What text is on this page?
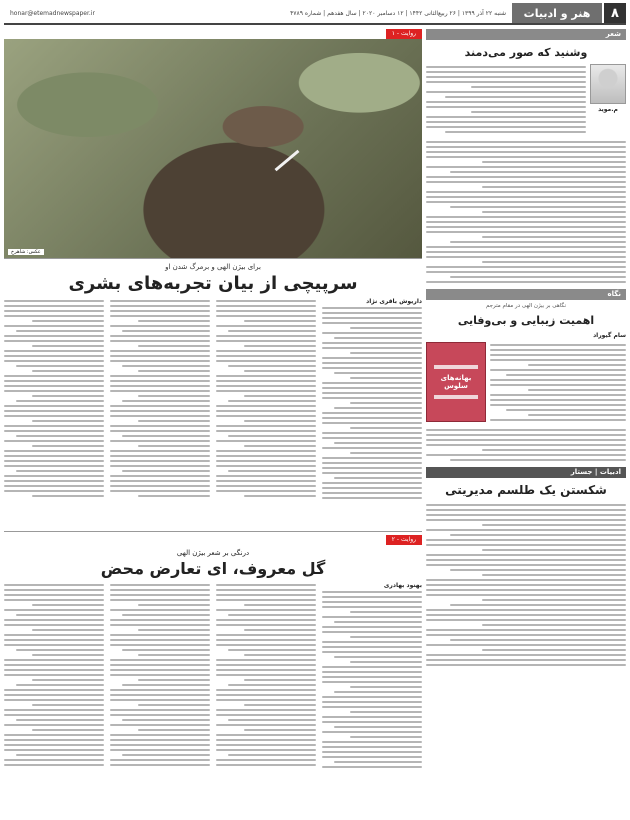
۸
هنر و ادبیات
شنبه ۲۲ آذر ۱۳۹۹ | ۲۶ ربیع‌الثانی ۱۴۴۲ | ۱۲ دسامبر ۲۰۲۰ | سال هفدهم | شماره ۴۷۸۹
honar@etemadnewspaper.ir
شعر
وشنید که صور می‌دمند
م.موید
نگاه
نگاهی بر بیژن الهی در مقام مترجم
اهمیت زیبایی و بی‌وفایی
سام گیوراد
بهانه‌های سلوس
ادبیات | جستار
شکستن یک طلسم مدیریتی
روایت - ۱
عکس: شاهرخ
برای بیژن الهی و برمرگ شدن او
سرپیچی از بیان تجربه‌های بشری
داریوش باقری نژاد
روایت - ۲
درنگی بر شعر بیژن الهی
گل معروف، ای تعارض محض
بهنود بهادری
